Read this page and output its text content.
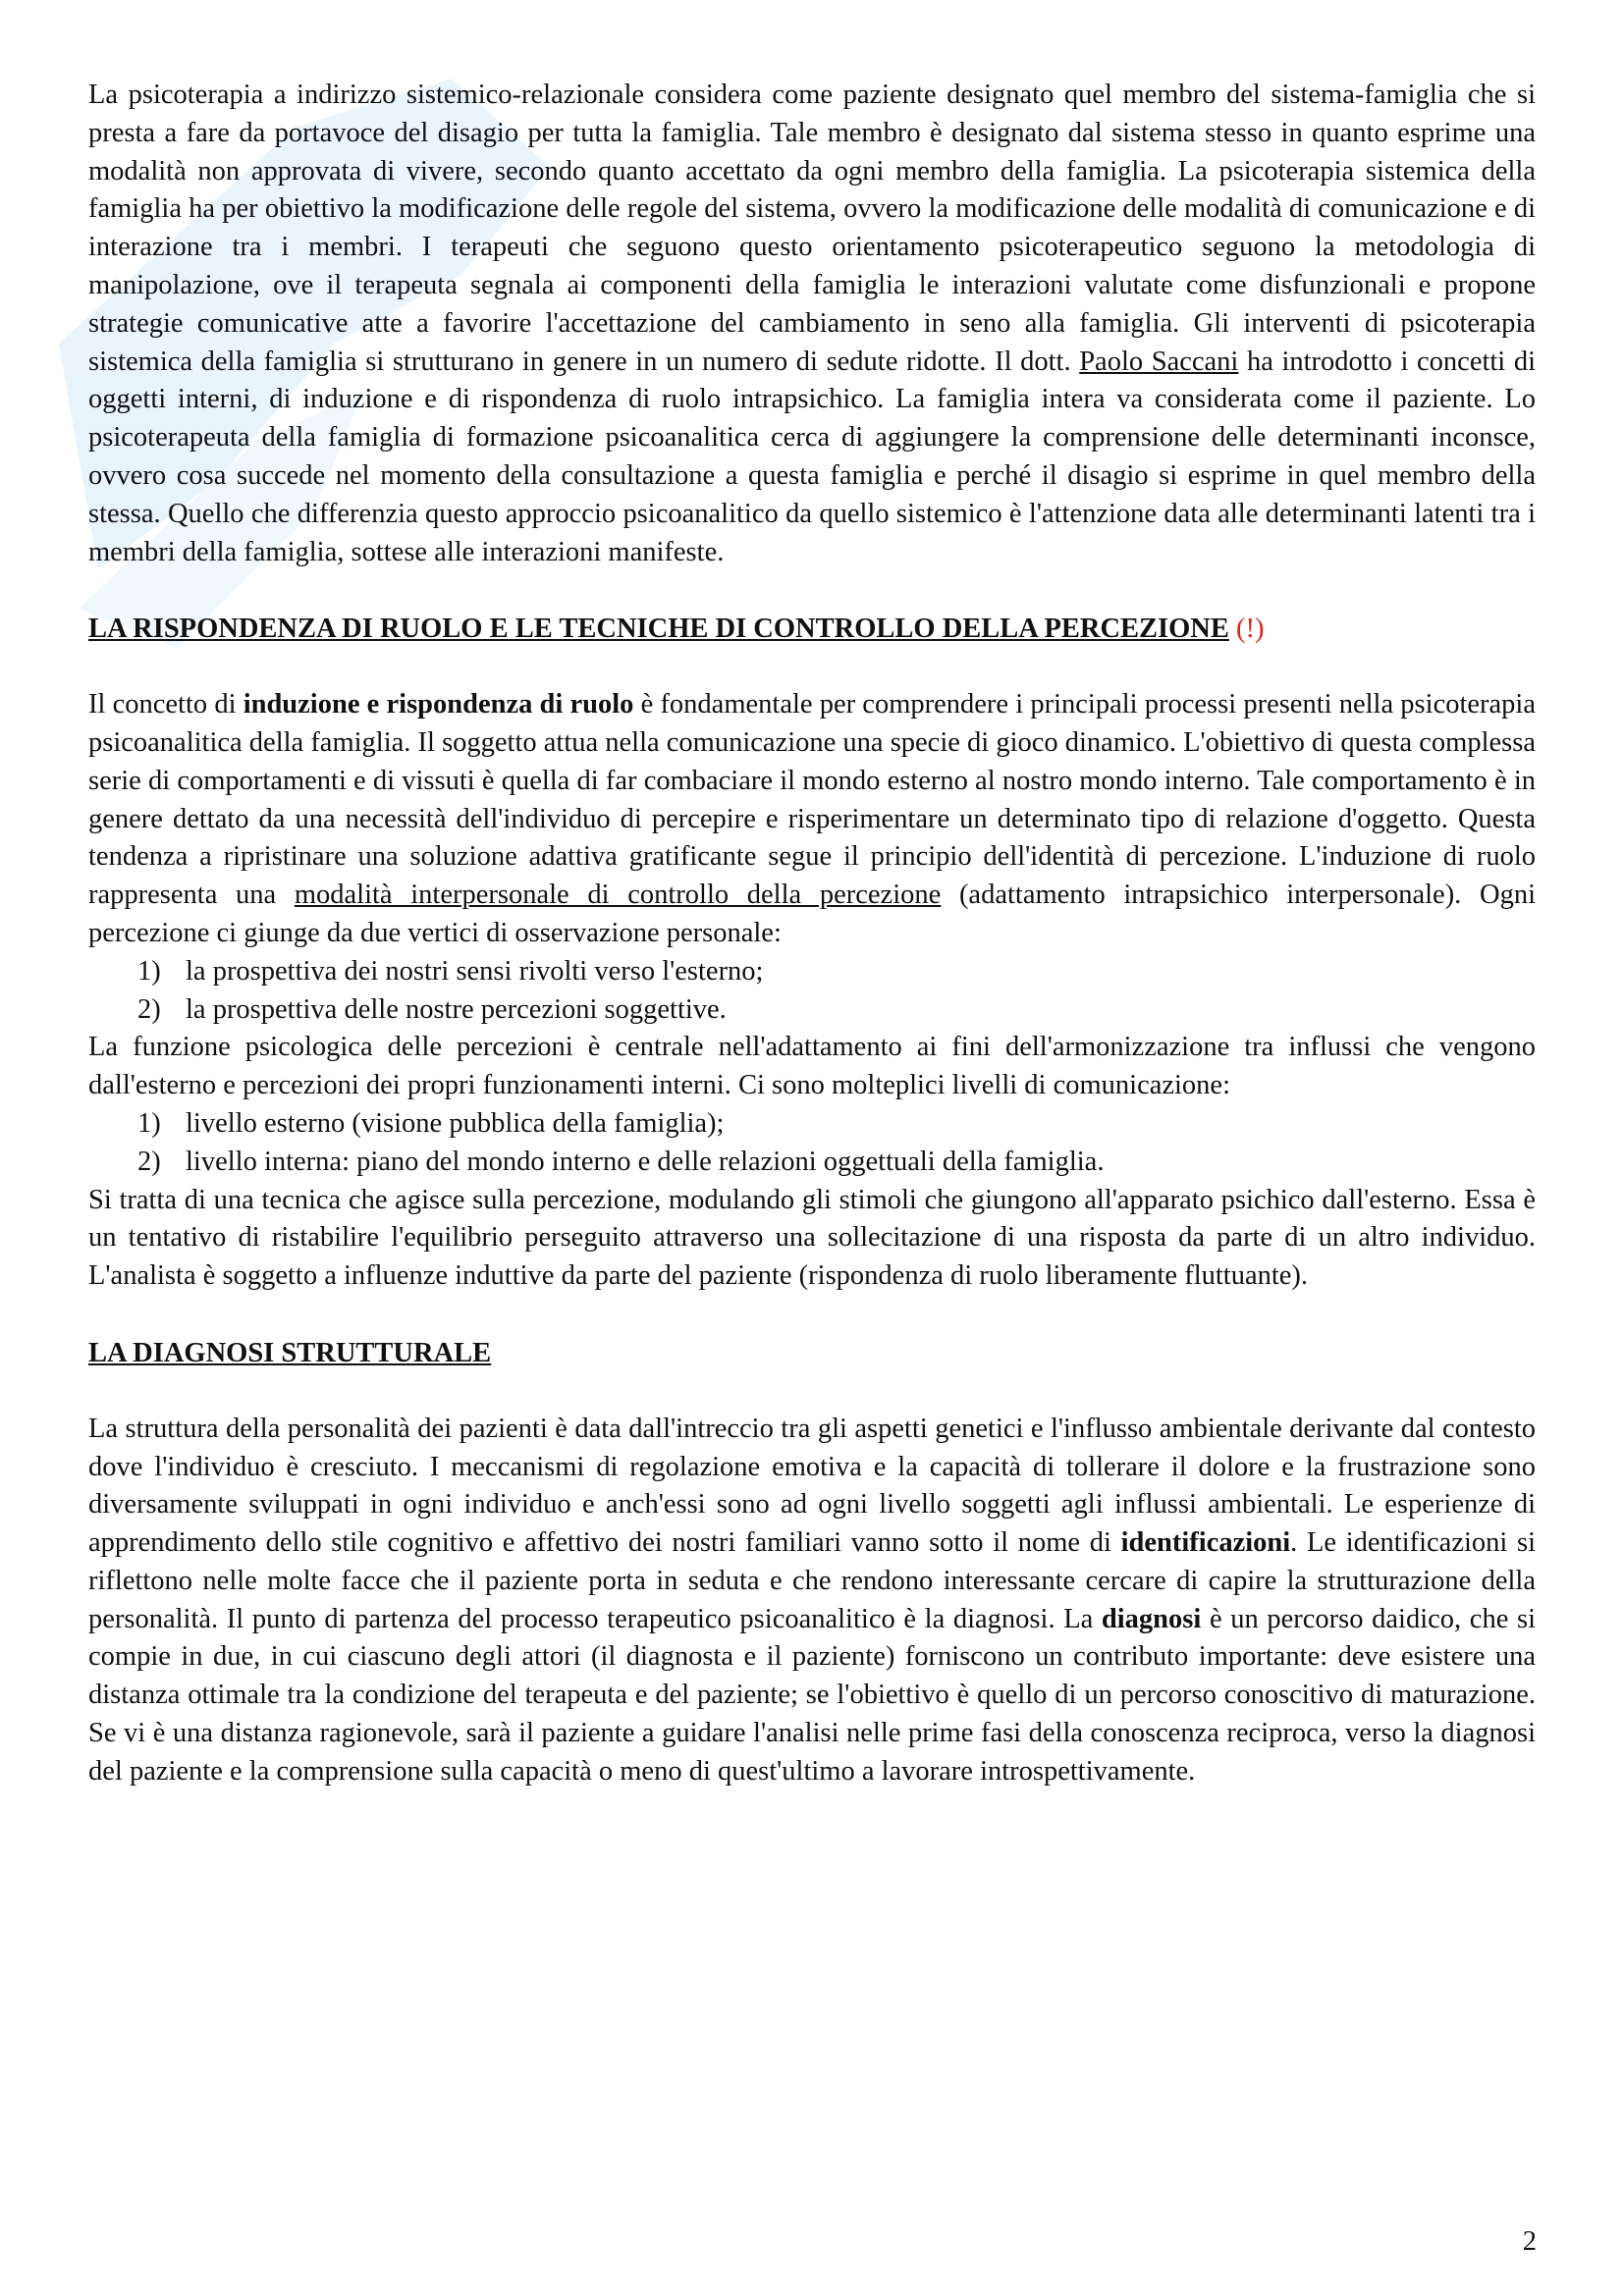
La psicoterapia a indirizzo sistemico-relazionale considera come paziente designato quel membro del sistema-famiglia che si presta a fare da portavoce del disagio per tutta la famiglia. Tale membro è designato dal sistema stesso in quanto esprime una modalità non approvata di vivere, secondo quanto accettato da ogni membro della famiglia. La psicoterapia sistemica della famiglia ha per obiettivo la modificazione delle regole del sistema, ovvero la modificazione delle modalità di comunicazione e di interazione tra i membri. I terapeuti che seguono questo orientamento psicoterapeutico seguono la metodologia di manipolazione, ove il terapeuta segnala ai componenti della famiglia le interazioni valutate come disfunzionali e propone strategie comunicative atte a favorire l'accettazione del cambiamento in seno alla famiglia. Gli interventi di psicoterapia sistemica della famiglia si strutturano in genere in un numero di sedute ridotte. Il dott. Paolo Saccani ha introdotto i concetti di oggetti interni, di induzione e di rispondenza di ruolo intrapsichico. La famiglia intera va considerata come il paziente. Lo psicoterapeuta della famiglia di formazione psicoanalitica cerca di aggiungere la comprensione delle determinanti inconsce, ovvero cosa succede nel momento della consultazione a questa famiglia e perché il disagio si esprime in quel membro della stessa. Quello che differenzia questo approccio psicoanalitico da quello sistemico è l'attenzione data alle determinanti latenti tra i membri della famiglia, sottese alle interazioni manifeste.

LA RISPONDENZA DI RUOLO E LE TECNICHE DI CONTROLLO DELLA PERCEZIONE (!)

Il concetto di induzione e rispondenza di ruolo è fondamentale per comprendere i principali processi presenti nella psicoterapia psicoanalitica della famiglia. Il soggetto attua nella comunicazione una specie di gioco dinamico. L'obiettivo di questa complessa serie di comportamenti e di vissuti è quella di far combaciare il mondo esterno al nostro mondo interno. Tale comportamento è in genere dettato da una necessità dell'individuo di percepire e risperimentare un determinato tipo di relazione d'oggetto. Questa tendenza a ripristinare una soluzione adattiva gratificante segue il principio dell'identità di percezione. L'induzione di ruolo rappresenta una modalità interpersonale di controllo della percezione (adattamento intrapsichico interpersonale). Ogni percezione ci giunge da due vertici di osservazione personale:

1) la prospettiva dei nostri sensi rivolti verso l'esterno;
2) la prospettiva delle nostre percezioni soggettive.

La funzione psicologica delle percezioni è centrale nell'adattamento ai fini dell'armonizzazione tra influssi che vengono dall'esterno e percezioni dei propri funzionamenti interni. Ci sono molteplici livelli di comunicazione:

1) livello esterno (visione pubblica della famiglia);
2) livello interna: piano del mondo interno e delle relazioni oggettuali della famiglia.

Si tratta di una tecnica che agisce sulla percezione, modulando gli stimoli che giungono all'apparato psichico dall'esterno. Essa è un tentativo di ristabilire l'equilibrio perseguito attraverso una sollecitazione di una risposta da parte di un altro individuo. L'analista è soggetto a influenze induttive da parte del paziente (rispondenza di ruolo liberamente fluttuante).

LA DIAGNOSI STRUTTURALE

La struttura della personalità dei pazienti è data dall'intreccio tra gli aspetti genetici e l'influsso ambientale derivante dal contesto dove l'individuo è cresciuto. I meccanismi di regolazione emotiva e la capacità di tollerare il dolore e la frustrazione sono diversamente sviluppati in ogni individuo e anch'essi sono ad ogni livello soggetti agli influssi ambientali. Le esperienze di apprendimento dello stile cognitivo e affettivo dei nostri familiari vanno sotto il nome di identificazioni. Le identificazioni si riflettono nelle molte facce che il paziente porta in seduta e che rendono interessante cercare di capire la strutturazione della personalità. Il punto di partenza del processo terapeutico psicoanalitico è la diagnosi. La diagnosi è un percorso daidico, che si compie in due, in cui ciascuno degli attori (il diagnosta e il paziente) forniscono un contributo importante: deve esistere una distanza ottimale tra la condizione del terapeuta e del paziente; se l'obiettivo è quello di un percorso conoscitivo di maturazione. Se vi è una distanza ragionevole, sarà il paziente a guidare l'analisi nelle prime fasi della conoscenza reciproca, verso la diagnosi del paziente e la comprensione sulla capacità o meno di quest'ultimo a lavorare introspettivamente.

2
